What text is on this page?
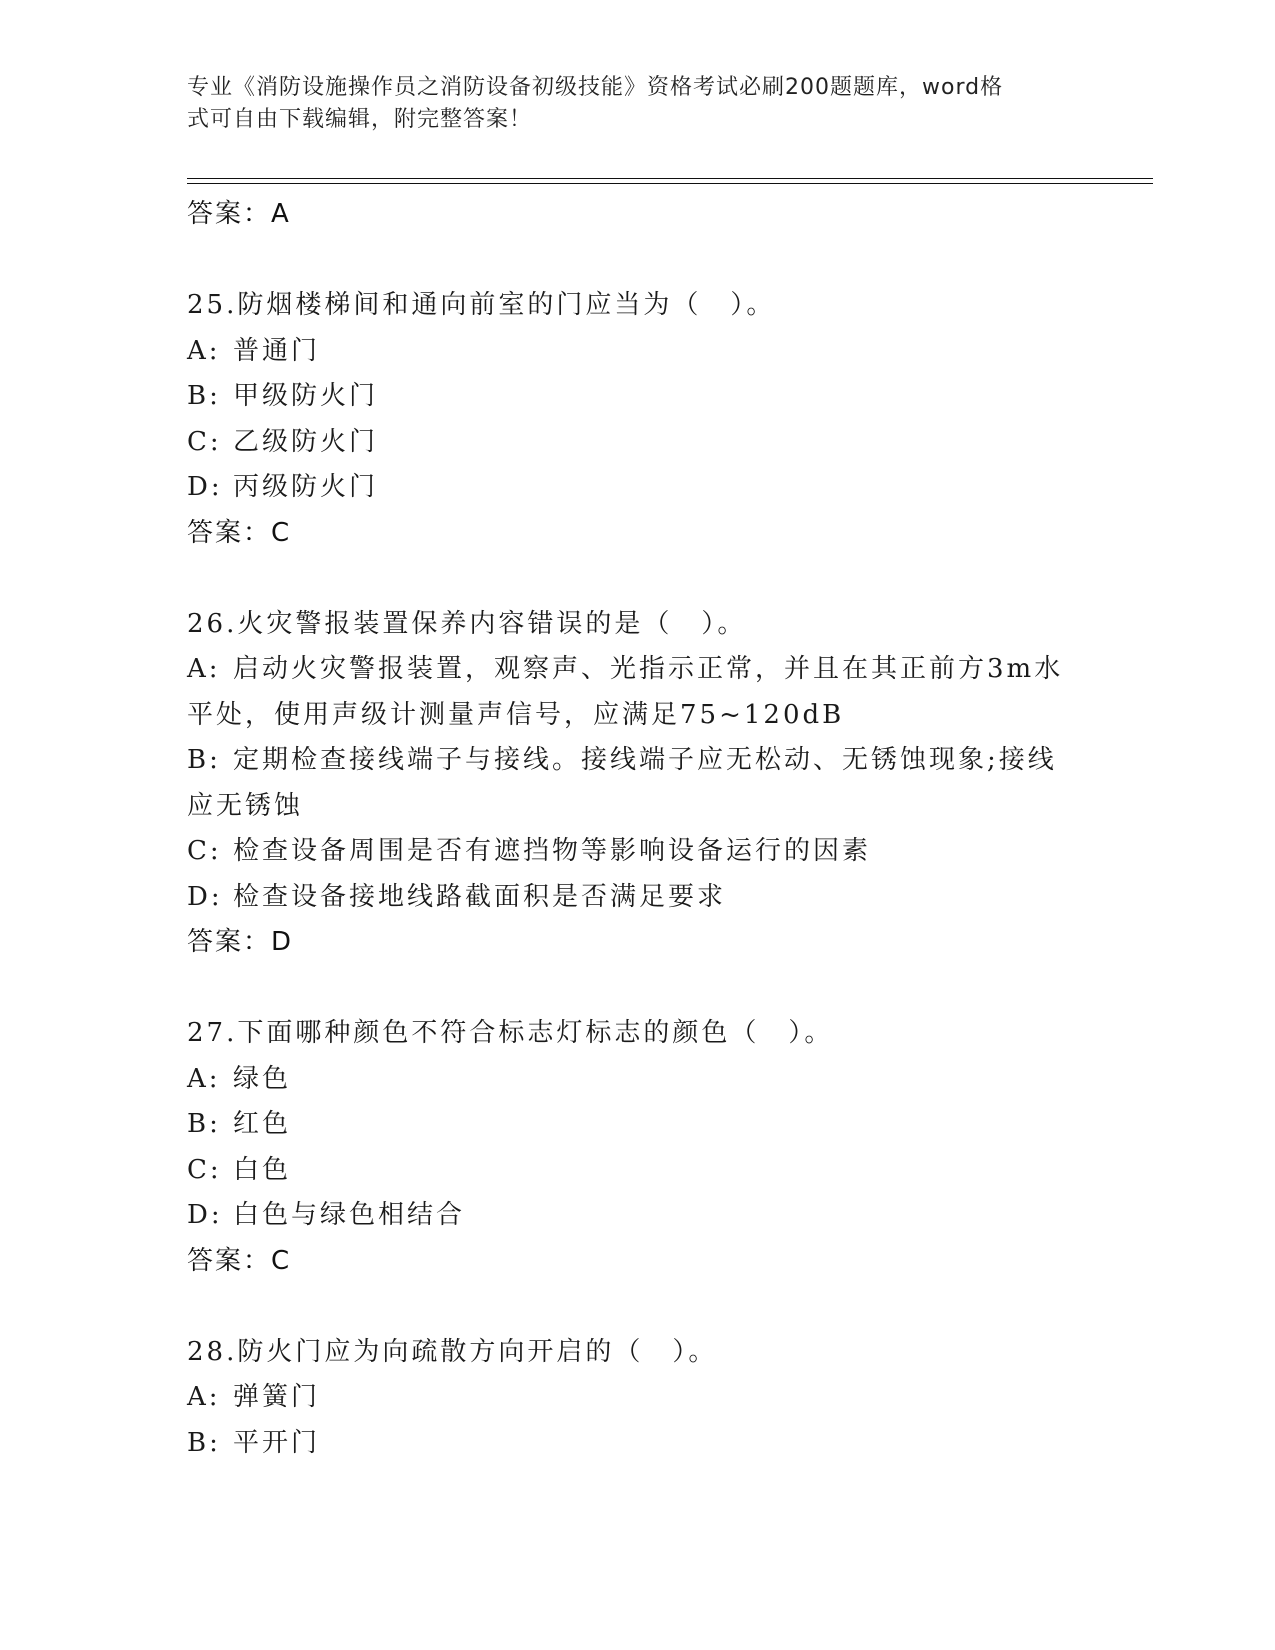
专业《消防设施操作员之消防设备初级技能》资格考试必刷200题题库，word格
式可自由下载编辑，附完整答案！
答案：A
25.防烟楼梯间和通向前室的门应当为（　）。
A: 普通门
B: 甲级防火门
C: 乙级防火门
D: 丙级防火门
答案：C
26.火灾警报装置保养内容错误的是（　）。
A: 启动火灾警报装置，观察声、光指示正常，并且在其正前方3m水
平处，使用声级计测量声信号，应满足75~120dB
B: 定期检查接线端子与接线。接线端子应无松动、无锈蚀现象;接线
应无锈蚀
C: 检查设备周围是否有遮挡物等影响设备运行的因素
D: 检查设备接地线路截面积是否满足要求
答案：D
27.下面哪种颜色不符合标志灯标志的颜色（　）。
A: 绿色
B: 红色
C: 白色
D: 白色与绿色相结合
答案：C
28.防火门应为向疏散方向开启的（　）。
A: 弹簧门
B: 平开门
